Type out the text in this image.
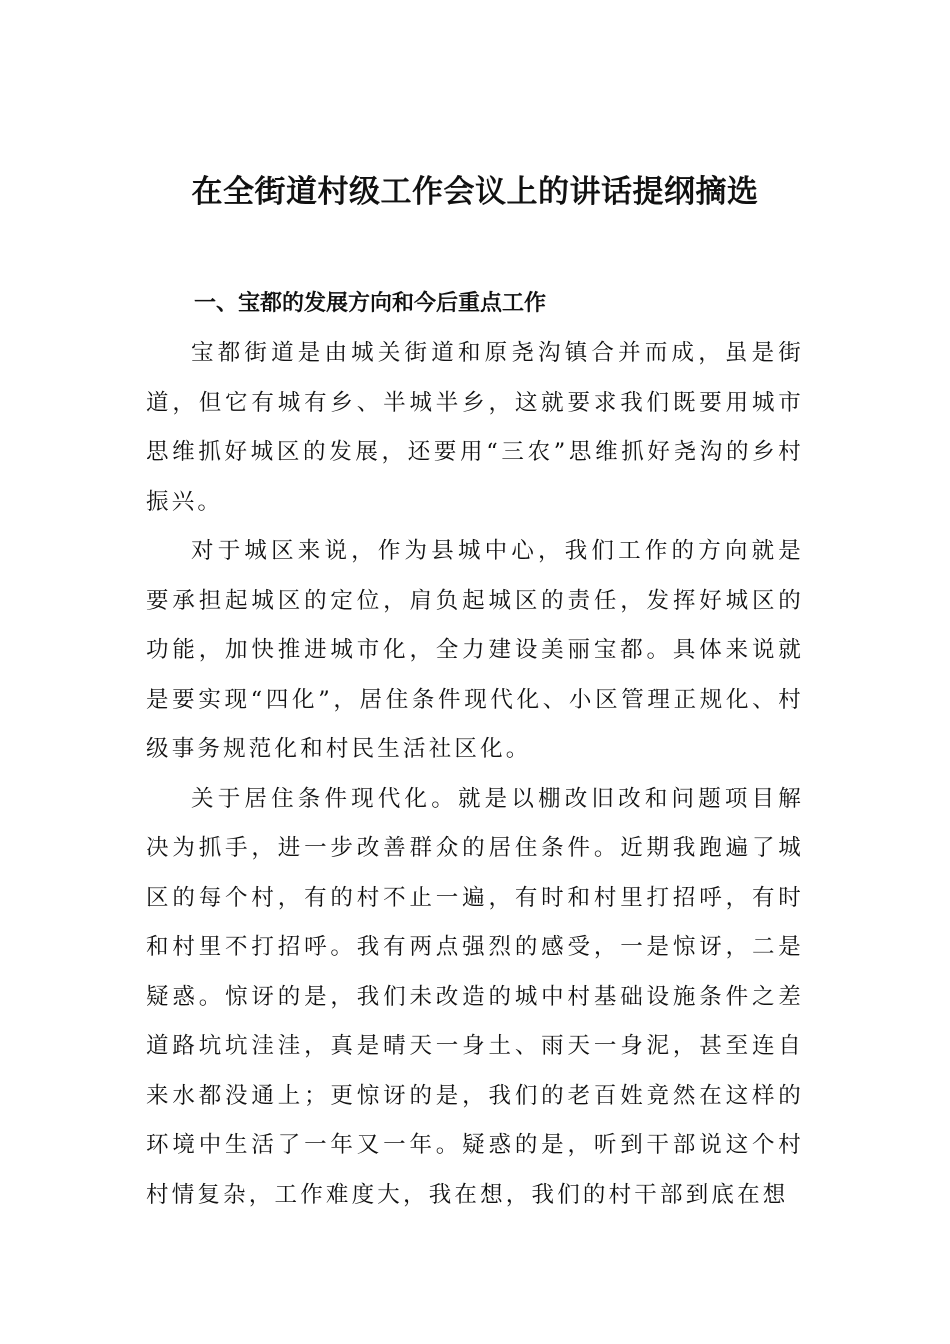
在全街道村级工作会议上的讲话提纲摘选

一、宝都的发展方向和今后重点工作

宝都街道是由城关街道和原尧沟镇合并而成，虽是街道，但它有城有乡、半城半乡，这就要求我们既要用城市思维抓好城区的发展，还要用“三农”思维抓好尧沟的乡村振兴。

对于城区来说，作为县城中心，我们工作的方向就是要承担起城区的定位，肩负起城区的责任，发挥好城区的功能，加快推进城市化，全力建设美丽宝都。具体来说就是要实现“四化”，居住条件现代化、小区管理正规化、村级事务规范化和村民生活社区化。

关于居住条件现代化。就是以棚改旧改和问题项目解决为抓手，进一步改善群众的居住条件。近期我跑遍了城区的每个村，有的村不止一遍，有时和村里打招呼，有时和村里不打招呼。我有两点强烈的感受，一是惊讶，二是疑惑。惊讶的是，我们未改造的城中村基础设施条件之差道路坑坑洼洼，真是晴天一身土、雨天一身泥，甚至连自来水都没通上；更惊讶的是，我们的老百姓竟然在这样的环境中生活了一年又一年。疑惑的是，听到干部说这个村村情复杂，工作难度大，我在想，我们的村干部到底在想
